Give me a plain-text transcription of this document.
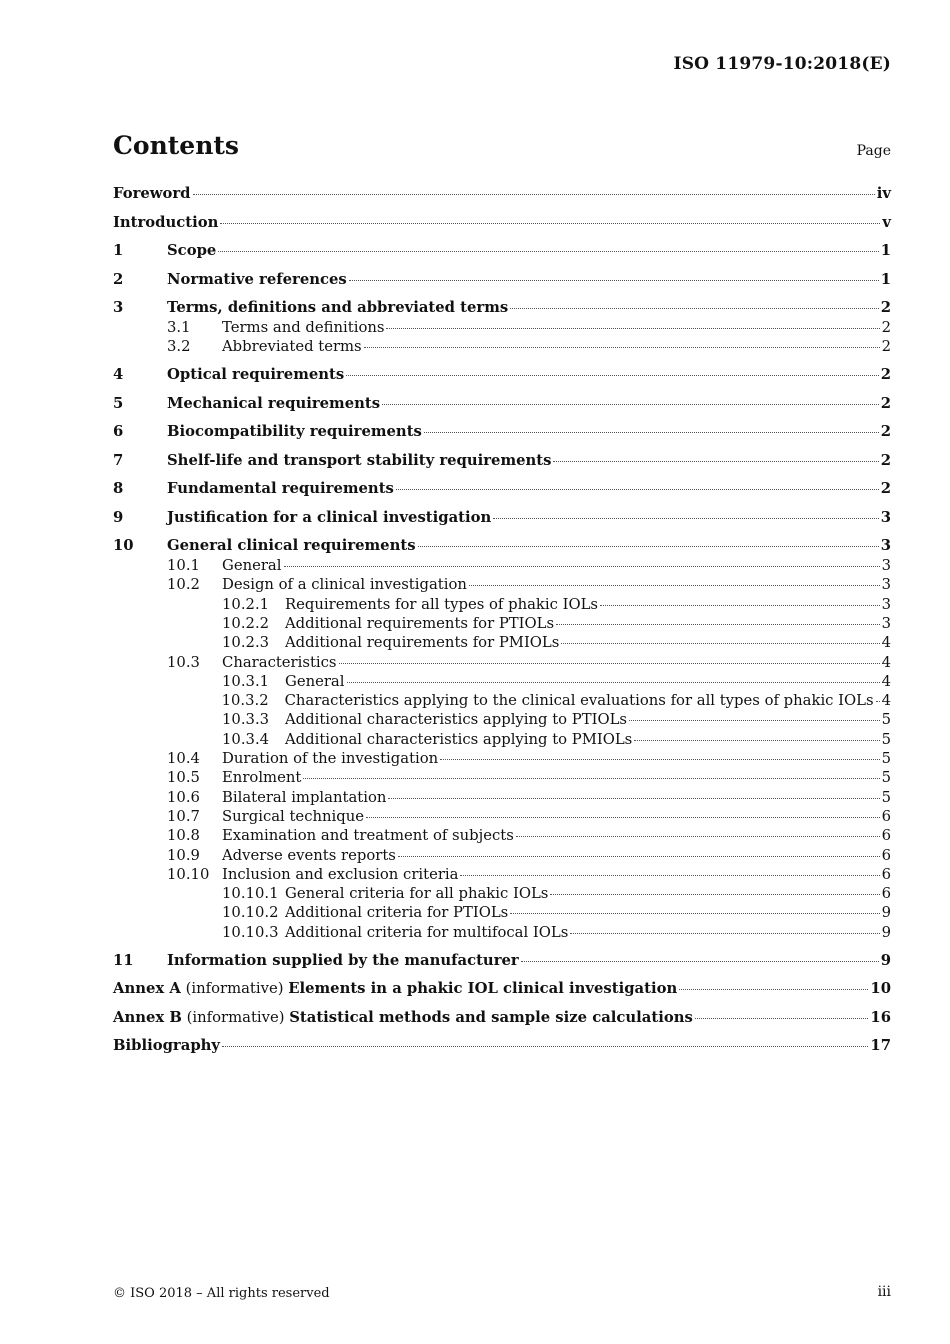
ISO 11979-10:2018(E)
Contents	Page
Foreword	iv
Introduction	v
1	Scope	1
2	Normative references	1
3	Terms, definitions and abbreviated terms	2
3.1	Terms and definitions	2
3.2	Abbreviated terms	2
4	Optical requirements	2
5	Mechanical requirements	2
6	Biocompatibility requirements	2
7	Shelf-life and transport stability requirements	2
8	Fundamental requirements	2
9	Justification for a clinical investigation	3
10	General clinical requirements	3
10.1	General	3
10.2	Design of a clinical investigation	3
10.2.1	Requirements for all types of phakic IOLs	3
10.2.2	Additional requirements for PTIOLs	3
10.2.3	Additional requirements for PMIOLs	4
10.3	Characteristics	4
10.3.1	General	4
10.3.2	Characteristics applying to the clinical evaluations for all types of phakic IOLs 4
10.3.3	Additional characteristics applying to PTIOLs	5
10.3.4	Additional characteristics applying to PMIOLs	5
10.4	Duration of the investigation	5
10.5	Enrolment	5
10.6	Bilateral implantation	5
10.7	Surgical technique	6
10.8	Examination and treatment of subjects	6
10.9	Adverse events reports	6
10.10 Inclusion and exclusion criteria	6
10.10.1 General criteria for all phakic IOLs	6
10.10.2 Additional criteria for PTIOLs	9
10.10.3 Additional criteria for multifocal IOLs	9
11	Information supplied by the manufacturer	9
Annex A (informative) Elements in a phakic IOL clinical investigation	10
Annex B (informative) Statistical methods and sample size calculations	16
Bibliography	17
© ISO 2018 – All rights reserved	iii
